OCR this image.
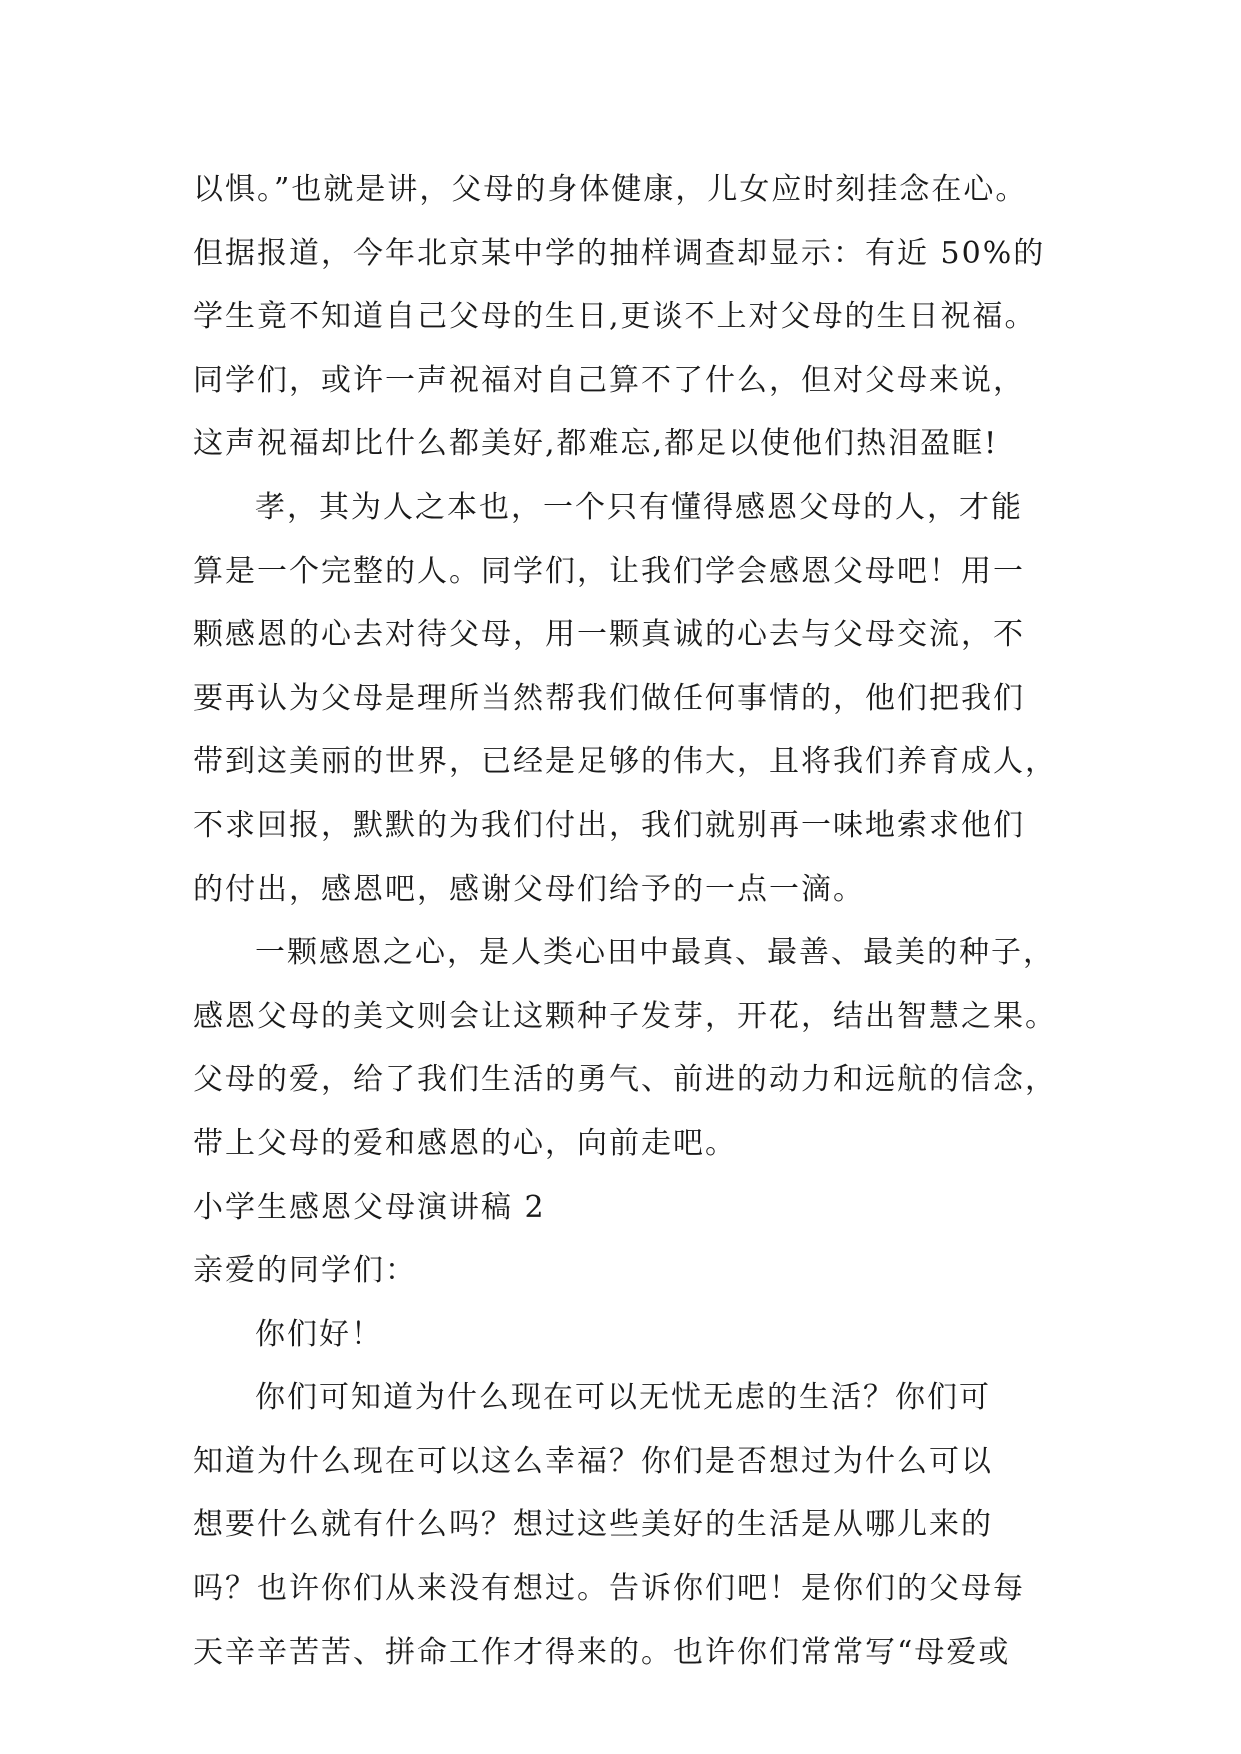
以惧。”也就是讲，父母的身体健康，儿女应时刻挂念在心。
但据报道，今年北京某中学的抽样调查却显示：有近 50%的
学生竟不知道自己父母的生日,更谈不上对父母的生日祝福。
同学们，或许一声祝福对自己算不了什么，但对父母来说，
这声祝福却比什么都美好,都难忘,都足以使他们热泪盈眶!
孝，其为人之本也，一个只有懂得感恩父母的人，才能
算是一个完整的人。同学们，让我们学会感恩父母吧！用一
颗感恩的心去对待父母，用一颗真诚的心去与父母交流，不
要再认为父母是理所当然帮我们做任何事情的，他们把我们
带到这美丽的世界，已经是足够的伟大，且将我们养育成人，
不求回报，默默的为我们付出，我们就别再一味地索求他们
的付出，感恩吧，感谢父母们给予的一点一滴。
一颗感恩之心，是人类心田中最真、最善、最美的种子，
感恩父母的美文则会让这颗种子发芽，开花，结出智慧之果。
父母的爱，给了我们生活的勇气、前进的动力和远航的信念，
带上父母的爱和感恩的心，向前走吧。
小学生感恩父母演讲稿 2
亲爱的同学们：
你们好！
你们可知道为什么现在可以无忧无虑的生活？你们可
知道为什么现在可以这么幸福？你们是否想过为什么可以
想要什么就有什么吗？想过这些美好的生活是从哪儿来的
吗？也许你们从来没有想过。告诉你们吧！是你们的父母每
天辛辛苦苦、拼命工作才得来的。也许你们常常写“母爱或
